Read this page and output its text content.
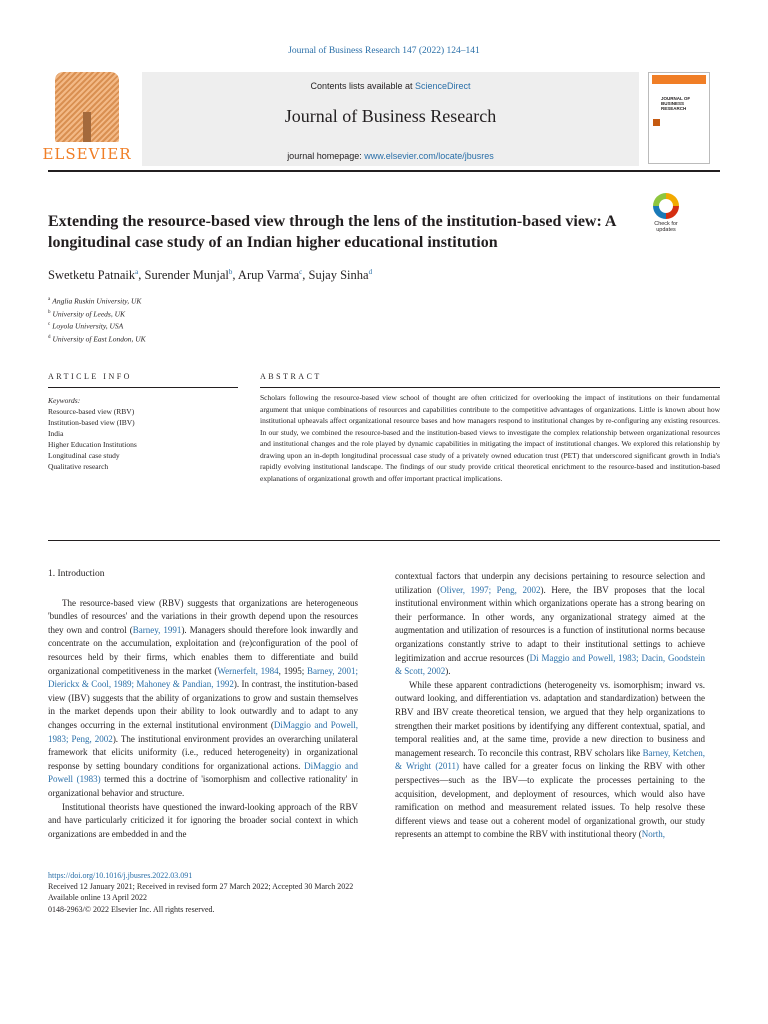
Journal of Business Research 147 (2022) 124–141
ELSEVIER
Contents lists available at ScienceDirect
Journal of Business Research
journal homepage: www.elsevier.com/locate/jbusres
JOURNAL OF BUSINESS RESEARCH
Extending the resource-based view through the lens of the institution-based view: A longitudinal case study of an Indian higher educational institution
Check for updates
Swetketu Patnaik$^a$, Surender Munjal$^b$, Arup Varma$^c$, Sujay Sinha$^d$
$^a$ Anglia Ruskin University, UK
$^b$ University of Leeds, UK
$^c$ Loyola University, USA
$^d$ University of East London, UK
ARTICLE INFO	ABSTRACT
Keywords:
Resource-based view (RBV)
Institution-based view (IBV)
India
Higher Education Institutions
Longitudinal case study
Qualitative research
Scholars following the resource-based view school of thought are often criticized for overlooking the impact of institutions on their fundamental argument that unique combinations of resources and capabilities contribute to the competitive advantages of organizations. Little is known about how institutional upheavals affect organizational resource bases and how managers respond to institutional changes by re-configuring any existing resources. In our study, we combined the resource-based and the institution-based views to investigate the complex relationship between organizational resources and institutional changes and the role played by dynamic capabilities in mitigating the impact of institutional changes. We explored this relationship by drawing upon an in-depth longitudinal processual case study of a privately owned education trust (PET) that underscored significant growth in India's rapidly evolving institutional landscape. The findings of our study provide critical theoretical enrichment to the resource-based and institution-based explanations of organizational growth and offer important practical implications.
1. Introduction

The resource-based view (RBV) suggests that organizations are heterogeneous 'bundles of resources' and the variations in their growth depend upon the resources they own and control (Barney, 1991). Managers should therefore look inwardly and concentrate on the accumulation, exploitation and (re)configuration of the pool of resources held by their firms, which enables them to differentiate and build organizational competitiveness in the market (Wernerfelt, 1984, 1995; Barney, 2001; Dierickx & Cool, 1989; Mahoney & Pandian, 1992). In contrast, the institution-based view (IBV) suggests that the ability of organizations to grow and sustain themselves in the market depends upon their ability to look outwardly and to adapt to any changes occurring in the external institutional environment (DiMaggio and Powell, 1983; Peng, 2002). The institutional environment provides an overarching unilateral framework that elicits uniformity (i.e., reduced heterogeneity) in organizational response by setting boundary conditions for organizational actions. DiMaggio and Powell (1983) termed this a doctrine of 'isomorphism and collective rationality' in organizational behavior and structure.

Institutional theorists have questioned the inward-looking approach of the RBV and have particularly criticized it for ignoring the broader social context in which organizations are embedded in and the

contextual factors that underpin any decisions pertaining to resource selection and utilization (Oliver, 1997; Peng, 2002). Here, the IBV proposes that the local institutional environment within which organizations operate has a strong bearing on their performance. In other words, any organizational strategy aimed at the augmentation and utilization of resources is a function of institutional norms because organizations constantly strive to adapt to their institutional settings to achieve legitimization and accrue resources (Di Maggio and Powell, 1983; Dacin, Goodstein & Scott, 2002).

While these apparent contradictions (heterogeneity vs. isomorphism; inward vs. outward looking, and differentiation vs. adaptation and standardization) between the RBV and IBV create theoretical tension, we argued that they help organizations to strengthen their market positions by identifying any different contextual, spatial, and temporal realities and, at the same time, provide a new direction to business and management research. To reconcile this contrast, RBV scholars like Barney, Ketchen, & Wright (2011) have called for a greater focus on linking the RBV with other perspectives—such as the IBV—to explicate the processes pertaining to the acquisition, development, and deployment of resources, which would also have ramification on method and measurement related issues. To help resolve these different views and tease out a coherent model of organizational growth, our study represents an attempt to combine the RBV with institutional theory (North,

https://doi.org/10.1016/j.jbusres.2022.03.091
Received 12 January 2021; Received in revised form 27 March 2022; Accepted 30 March 2022
Available online 13 April 2022
0148-2963/© 2022 Elsevier Inc. All rights reserved.
